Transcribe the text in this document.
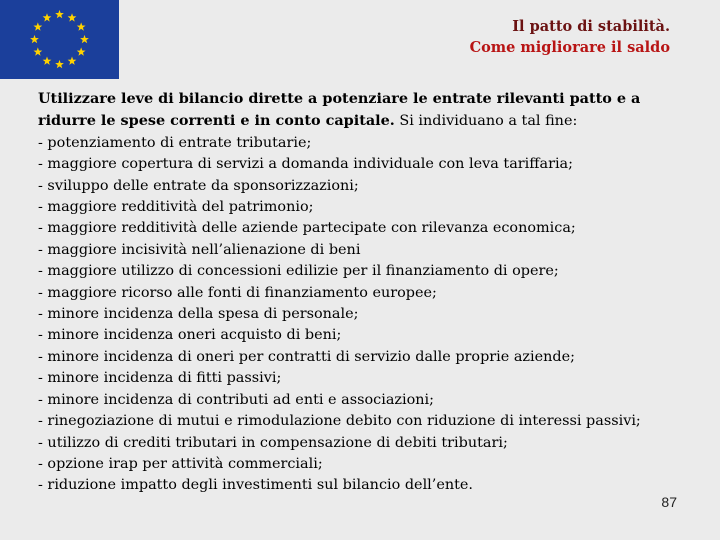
Il patto di stabilità.
Come migliorare il saldo

Utilizzare leve di bilancio dirette a potenziare le entrate rilevanti patto e a ridurre le spese correnti e in conto capitale. Si individuano a tal fine:

- potenziamento di entrate tributarie;
- maggiore copertura di servizi a domanda individuale con leva tariffaria;
- sviluppo delle entrate da sponsorizzazioni;
- maggiore redditività del patrimonio;
- maggiore redditività delle aziende partecipate con rilevanza economica;
- maggiore incisività nell’alienazione di beni
- maggiore utilizzo di concessioni edilizie per il finanziamento di opere;
- maggiore ricorso alle fonti di finanziamento europee;
- minore incidenza della spesa di personale;
- minore incidenza oneri acquisto di beni;
- minore incidenza di oneri per contratti di servizio dalle proprie aziende;
- minore incidenza di fitti passivi;
- minore incidenza di contributi ad enti e associazioni;
- rinegoziazione di mutui e rimodulazione debito con riduzione di interessi passivi;
- utilizzo di crediti tributari in compensazione di debiti tributari;
- opzione irap per attività commerciali;
- riduzione impatto degli investimenti sul bilancio dell’ente.
87
